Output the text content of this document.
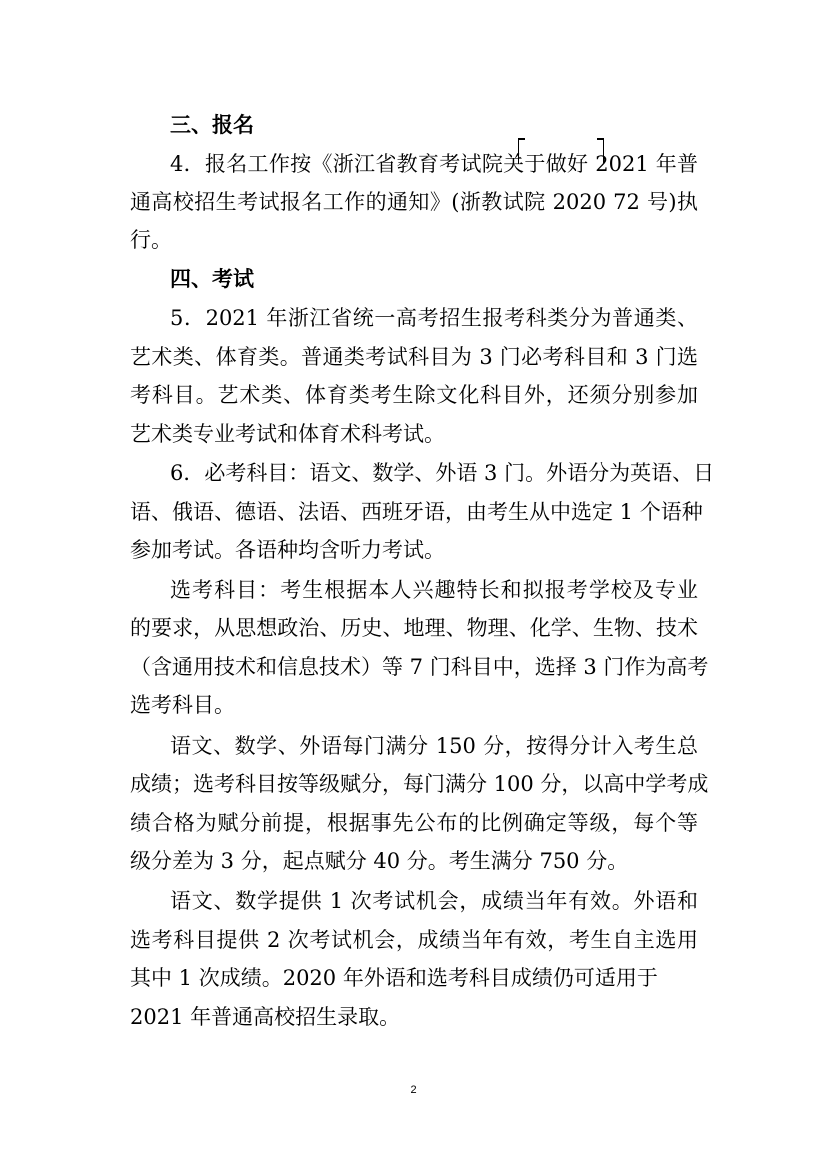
三、报名
4．报名工作按《浙江省教育考试院关于做好 2021 年普
通高校招生考试报名工作的通知》(浙教试院 2020 72 号)执
行。
四、考试
5．2021 年浙江省统一高考招生报考科类分为普通类、
艺术类、体育类。普通类考试科目为 3 门必考科目和 3 门选
考科目。艺术类、体育类考生除文化科目外，还须分别参加
艺术类专业考试和体育术科考试。
6．必考科目：语文、数学、外语 3 门。外语分为英语、日
语、俄语、德语、法语、西班牙语，由考生从中选定 1 个语种
参加考试。各语种均含听力考试。
选考科目：考生根据本人兴趣特长和拟报考学校及专业
的要求，从思想政治、历史、地理、物理、化学、生物、技术
（含通用技术和信息技术）等 7 门科目中，选择 3 门作为高考
选考科目。
语文、数学、外语每门满分 150 分，按得分计入考生总
成绩；选考科目按等级赋分，每门满分 100 分，以高中学考成
绩合格为赋分前提，根据事先公布的比例确定等级，每个等
级分差为 3 分，起点赋分 40 分。考生满分 750 分。
语文、数学提供 1 次考试机会，成绩当年有效。外语和
选考科目提供 2 次考试机会，成绩当年有效，考生自主选用
其中 1 次成绩。2020 年外语和选考科目成绩仍可适用于
2021 年普通高校招生录取。
2
